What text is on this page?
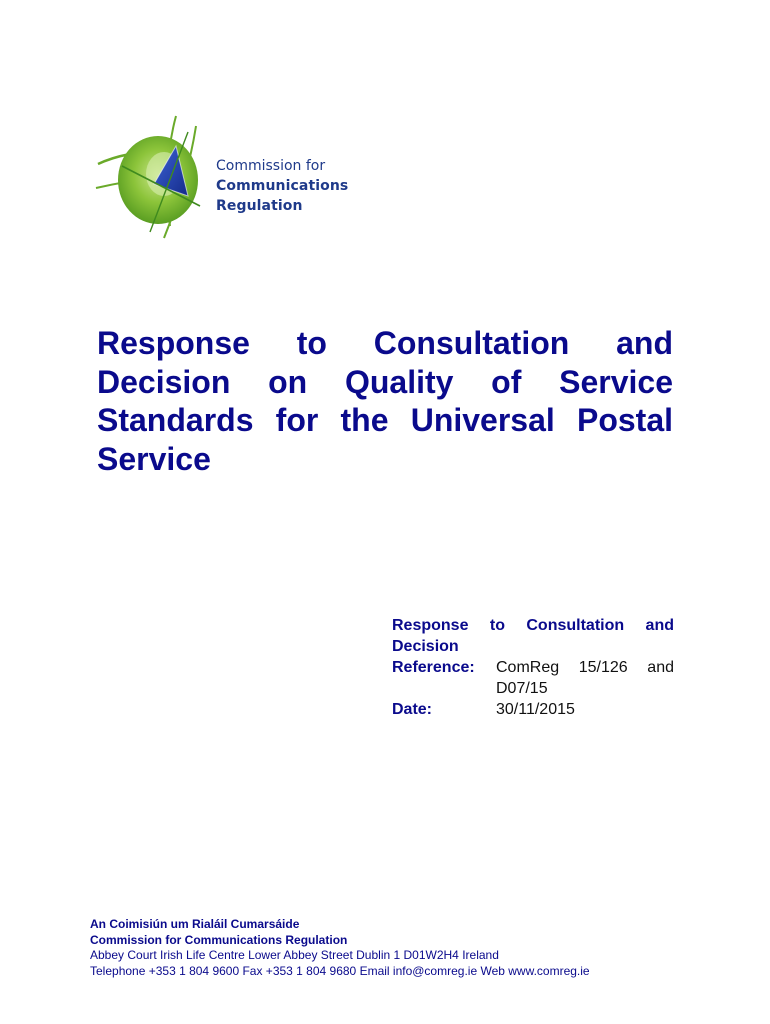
Commission for
Communications Regulation
Response to Consultation and Decision on Quality of Service Standards for the Universal Postal Service
Response to Consultation and Decision
Reference:	ComReg 15/126 and D07/15
Date:	30/11/2015
An Coimisiún um Rialáil Cumarsáide
Commission for Communications Regulation
Abbey Court Irish Life Centre Lower Abbey Street Dublin 1 D01W2H4 Ireland
Telephone +353 1 804 9600 Fax +353 1 804 9680 Email info@comreg.ie Web www.comreg.ie
